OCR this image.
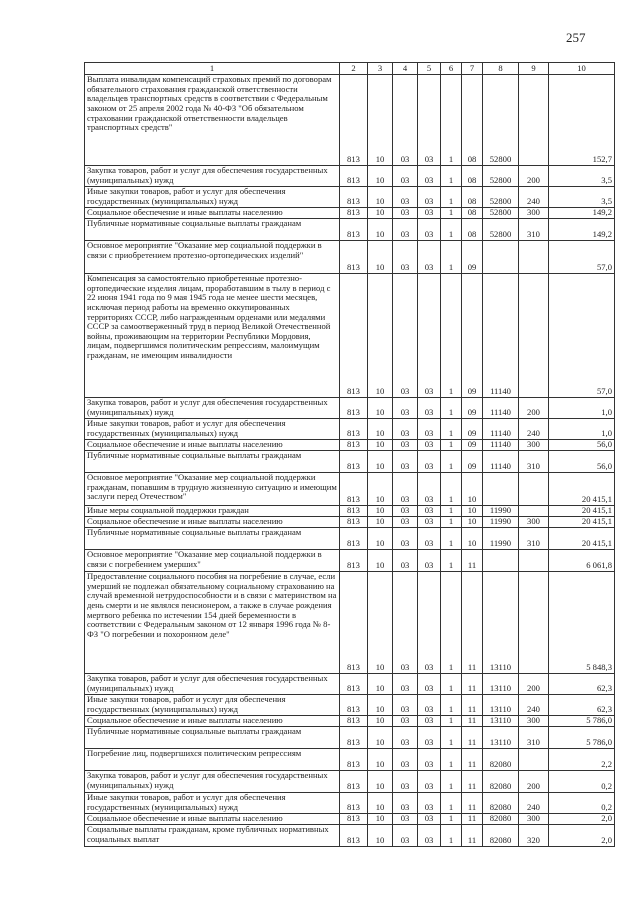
257
1	2	3	4	5	6	7	8	9	10
Выплата инвалидам компенсаций страховых премий по договорам обязательного страхования гражданской ответственности владельцев транспортных средств в соответствии с Федеральным законом от 25 апреля 2002 года № 40-ФЗ "Об обязательном страховании гражданской ответственности владельцев транспортных средств"	813	10	03	03	1	08	52800		152,7
Закупка товаров, работ и услуг для обеспечения государственных (муниципальных) нужд	813	10	03	03	1	08	52800	200	3,5
Иные закупки товаров, работ и услуг для обеспечения государственных (муниципальных) нужд	813	10	03	03	1	08	52800	240	3,5
Социальное обеспечение и иные выплаты населению	813	10	03	03	1	08	52800	300	149,2
Публичные нормативные социальные выплаты гражданам	813	10	03	03	1	08	52800	310	149,2
Основное мероприятие "Оказание мер социальной поддержки в связи с приобретением протезно-ортопедических изделий"	813	10	03	03	1	09			57,0
Компенсация за самостоятельно приобретенные протезно-ортопедические изделия лицам, проработавшим в тылу в период с 22 июня 1941 года по 9 мая 1945 года не менее шести месяцев, исключая период работы на временно оккупированных территориях СССР, либо награжденным орденами или медалями СССР за самоотверженный труд в период Великой Отечественной войны, проживающим на территории Республики Мордовия, лицам, подвергшимся политическим репрессиям, малоимущим гражданам, не имеющим инвалидности	813	10	03	03	1	09	11140		57,0
Закупка товаров, работ и услуг для обеспечения государственных (муниципальных) нужд	813	10	03	03	1	09	11140	200	1,0
Иные закупки товаров, работ и услуг для обеспечения государственных (муниципальных) нужд	813	10	03	03	1	09	11140	240	1,0
Социальное обеспечение и иные выплаты населению	813	10	03	03	1	09	11140	300	56,0
Публичные нормативные социальные выплаты гражданам	813	10	03	03	1	09	11140	310	56,0
Основное мероприятие "Оказание мер социальной поддержки гражданам, попавшим в трудную жизненную ситуацию и имеющим заслуги перед Отечеством"	813	10	03	03	1	10			20 415,1
Иные меры социальной поддержки граждан	813	10	03	03	1	10	11990		20 415,1
Социальное обеспечение и иные выплаты населению	813	10	03	03	1	10	11990	300	20 415,1
Публичные нормативные социальные выплаты гражданам	813	10	03	03	1	10	11990	310	20 415,1
Основное мероприятие "Оказание мер социальной поддержки в связи с погребением умерших"	813	10	03	03	1	11			6 061,8
Предоставление социального пособия на погребение в случае, если умерший не подлежал обязательному социальному страхованию на случай временной нетрудоспособности и в связи с материнством на день смерти и не являлся пенсионером, а также в случае рождения мертвого ребенка по истечении 154 дней беременности в соответствии с Федеральным законом от 12 января 1996 года № 8-ФЗ "О погребении и похоронном деле"	813	10	03	03	1	11	13110		5 848,3
Закупка товаров, работ и услуг для обеспечения государственных (муниципальных) нужд	813	10	03	03	1	11	13110	200	62,3
Иные закупки товаров, работ и услуг для обеспечения государственных (муниципальных) нужд	813	10	03	03	1	11	13110	240	62,3
Социальное обеспечение и иные выплаты населению	813	10	03	03	1	11	13110	300	5 786,0
Публичные нормативные социальные выплаты гражданам	813	10	03	03	1	11	13110	310	5 786,0
Погребение лиц, подвергшихся политическим репрессиям	813	10	03	03	1	11	82080		2,2
Закупка товаров, работ и услуг для обеспечения государственных (муниципальных) нужд	813	10	03	03	1	11	82080	200	0,2
Иные закупки товаров, работ и услуг для обеспечения государственных (муниципальных) нужд	813	10	03	03	1	11	82080	240	0,2
Социальное обеспечение и иные выплаты населению	813	10	03	03	1	11	82080	300	2,0
Социальные выплаты гражданам, кроме публичных нормативных социальных выплат	813	10	03	03	1	11	82080	320	2,0
